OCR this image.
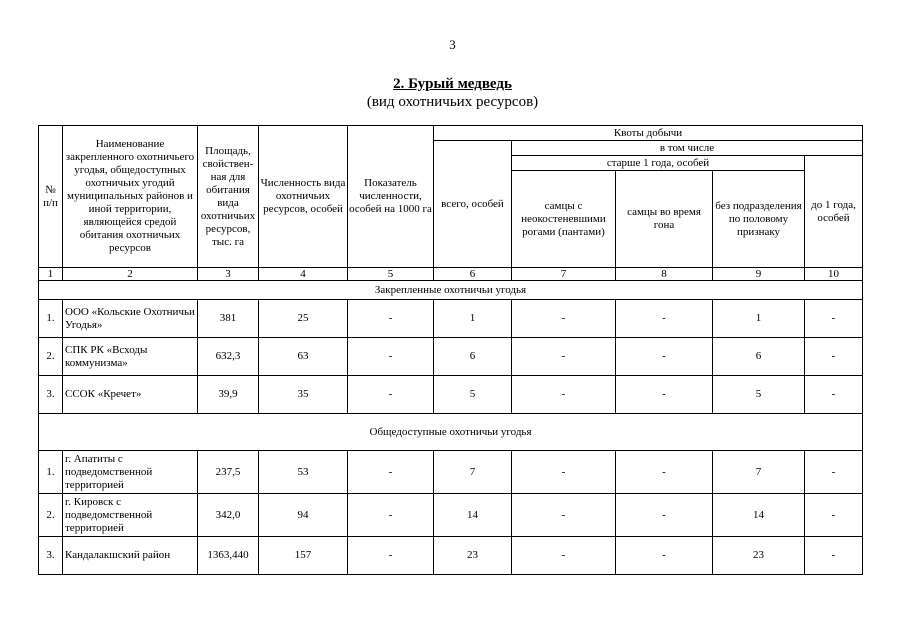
3
2. Бурый медведь
(вид охотничьих ресурсов)
№ п/п	Наименование закрепленного охотничьего угодья, общедоступных охотничьих угодий муниципальных районов и иной территории, являющейся средой обитания охотничьих ресурсов	Площадь, свойствен-ная для обитания вида охотничьих ресурсов, тыс. га	Численность вида охотничьих ресурсов, особей	Показатель численности, особей на 1000 га	Квоты добычи				
					всего, особей	в том числе			
						старше 1 года, особей			до 1 года, особей
						самцы с неокостеневшими рогами (пантами)	самцы во время гона	без подразделения по половому признаку	
1	2	3	4	5	6	7	8	9	10
Закрепленные охотничьи угодья									
1.	ООО «Кольские Охотничьи Угодья»	381	25	-	1	-	-	1	-
2.	СПК РК «Всходы коммунизма»	632,3	63	-	6	-	-	6	-
3.	ССОК «Кречет»	39,9	35	-	5	-	-	5	-
Общедоступные охотничьи угодья									
1.	г. Апатиты с подведомственной территорией	237,5	53	-	7	-	-	7	-
2.	г. Кировск с подведомственной территорией	342,0	94	-	14	-	-	14	-
3.	Кандалакшский район	1363,440	157	-	23	-	-	23	-
